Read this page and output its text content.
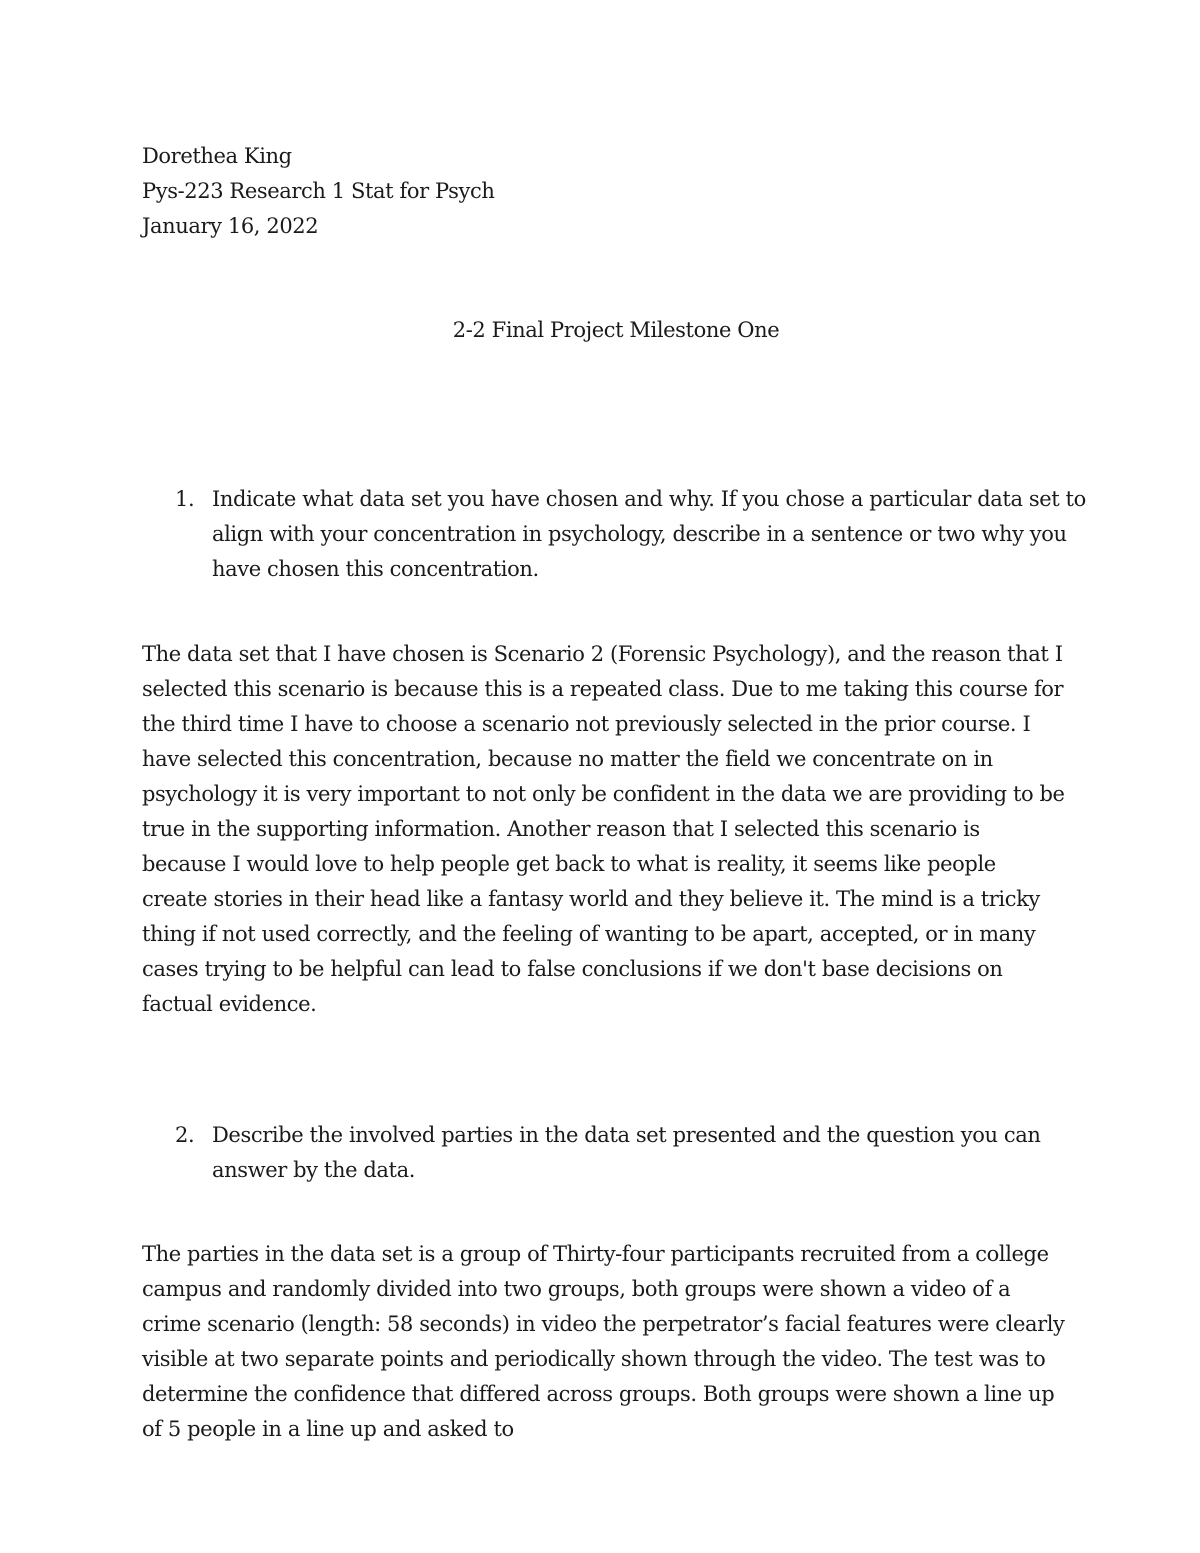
Dorethea King
Pys-223 Research 1 Stat for Psych
January 16, 2022
2-2 Final Project Milestone One
1. Indicate what data set you have chosen and why. If you chose a particular data set to align with your concentration in psychology, describe in a sentence or two why you have chosen this concentration.
The data set that I have chosen is Scenario 2 (Forensic Psychology), and the reason that I selected this scenario is because this is a repeated class. Due to me taking this course for the third time I have to choose a scenario not previously selected in the prior course. I have selected this concentration, because no matter the field we concentrate on in psychology it is very important to not only be confident in the data we are providing to be true in the supporting information. Another reason that I selected this scenario is because I would love to help people get back to what is reality, it seems like people create stories in their head like a fantasy world and they believe it. The mind is a tricky thing if not used correctly, and the feeling of wanting to be apart, accepted, or in many cases trying to be helpful can lead to false conclusions if we don't base decisions on factual evidence.
2. Describe the involved parties in the data set presented and the question you can answer by the data.
The parties in the data set is a group of Thirty-four participants recruited from a college campus and randomly divided into two groups, both groups were shown a video of a crime scenario (length: 58 seconds) in video the perpetrator’s facial features were clearly visible at two separate points and periodically shown through the video. The test was to determine the confidence that differed across groups. Both groups were shown a line up of 5 people in a line up and asked to
